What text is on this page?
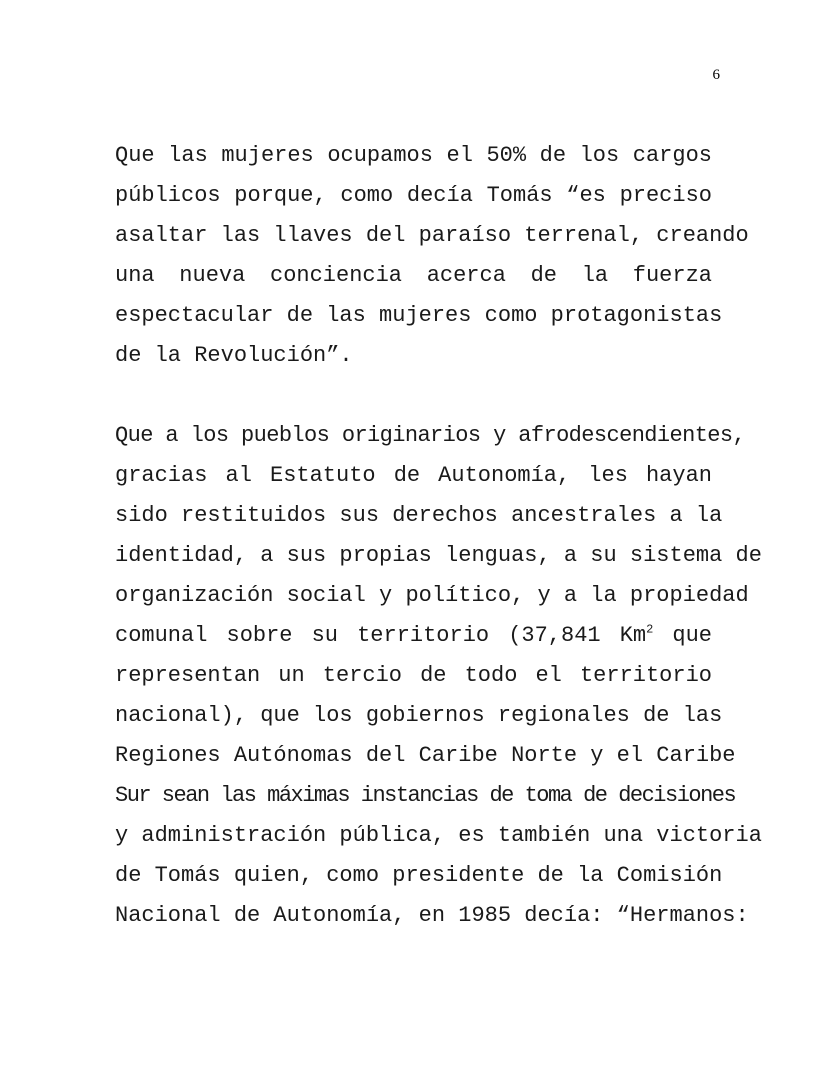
6
Que las mujeres ocupamos el 50% de los cargos
públicos porque, como decía Tomás “es preciso
asaltar las llaves del paraíso terrenal, creando
una nueva conciencia acerca de la fuerza
espectacular de las mujeres como protagonistas
de la Revolución”.
Que a los pueblos originarios y afrodescendientes,
gracias al Estatuto de Autonomía, les hayan
sido restituidos sus derechos ancestrales a la
identidad, a sus propias lenguas, a su sistema de
organización social y político, y a la propiedad
comunal sobre su territorio (37,841 Km$^2$ que
representan un tercio de todo el territorio
nacional), que los gobiernos regionales de las
Regiones Autónomas del Caribe Norte y el Caribe
Sur sean las máximas instancias de toma de decisiones
y administración pública, es también una victoria
de Tomás quien, como presidente de la Comisión
Nacional de Autonomía, en 1985 decía: “Hermanos:
